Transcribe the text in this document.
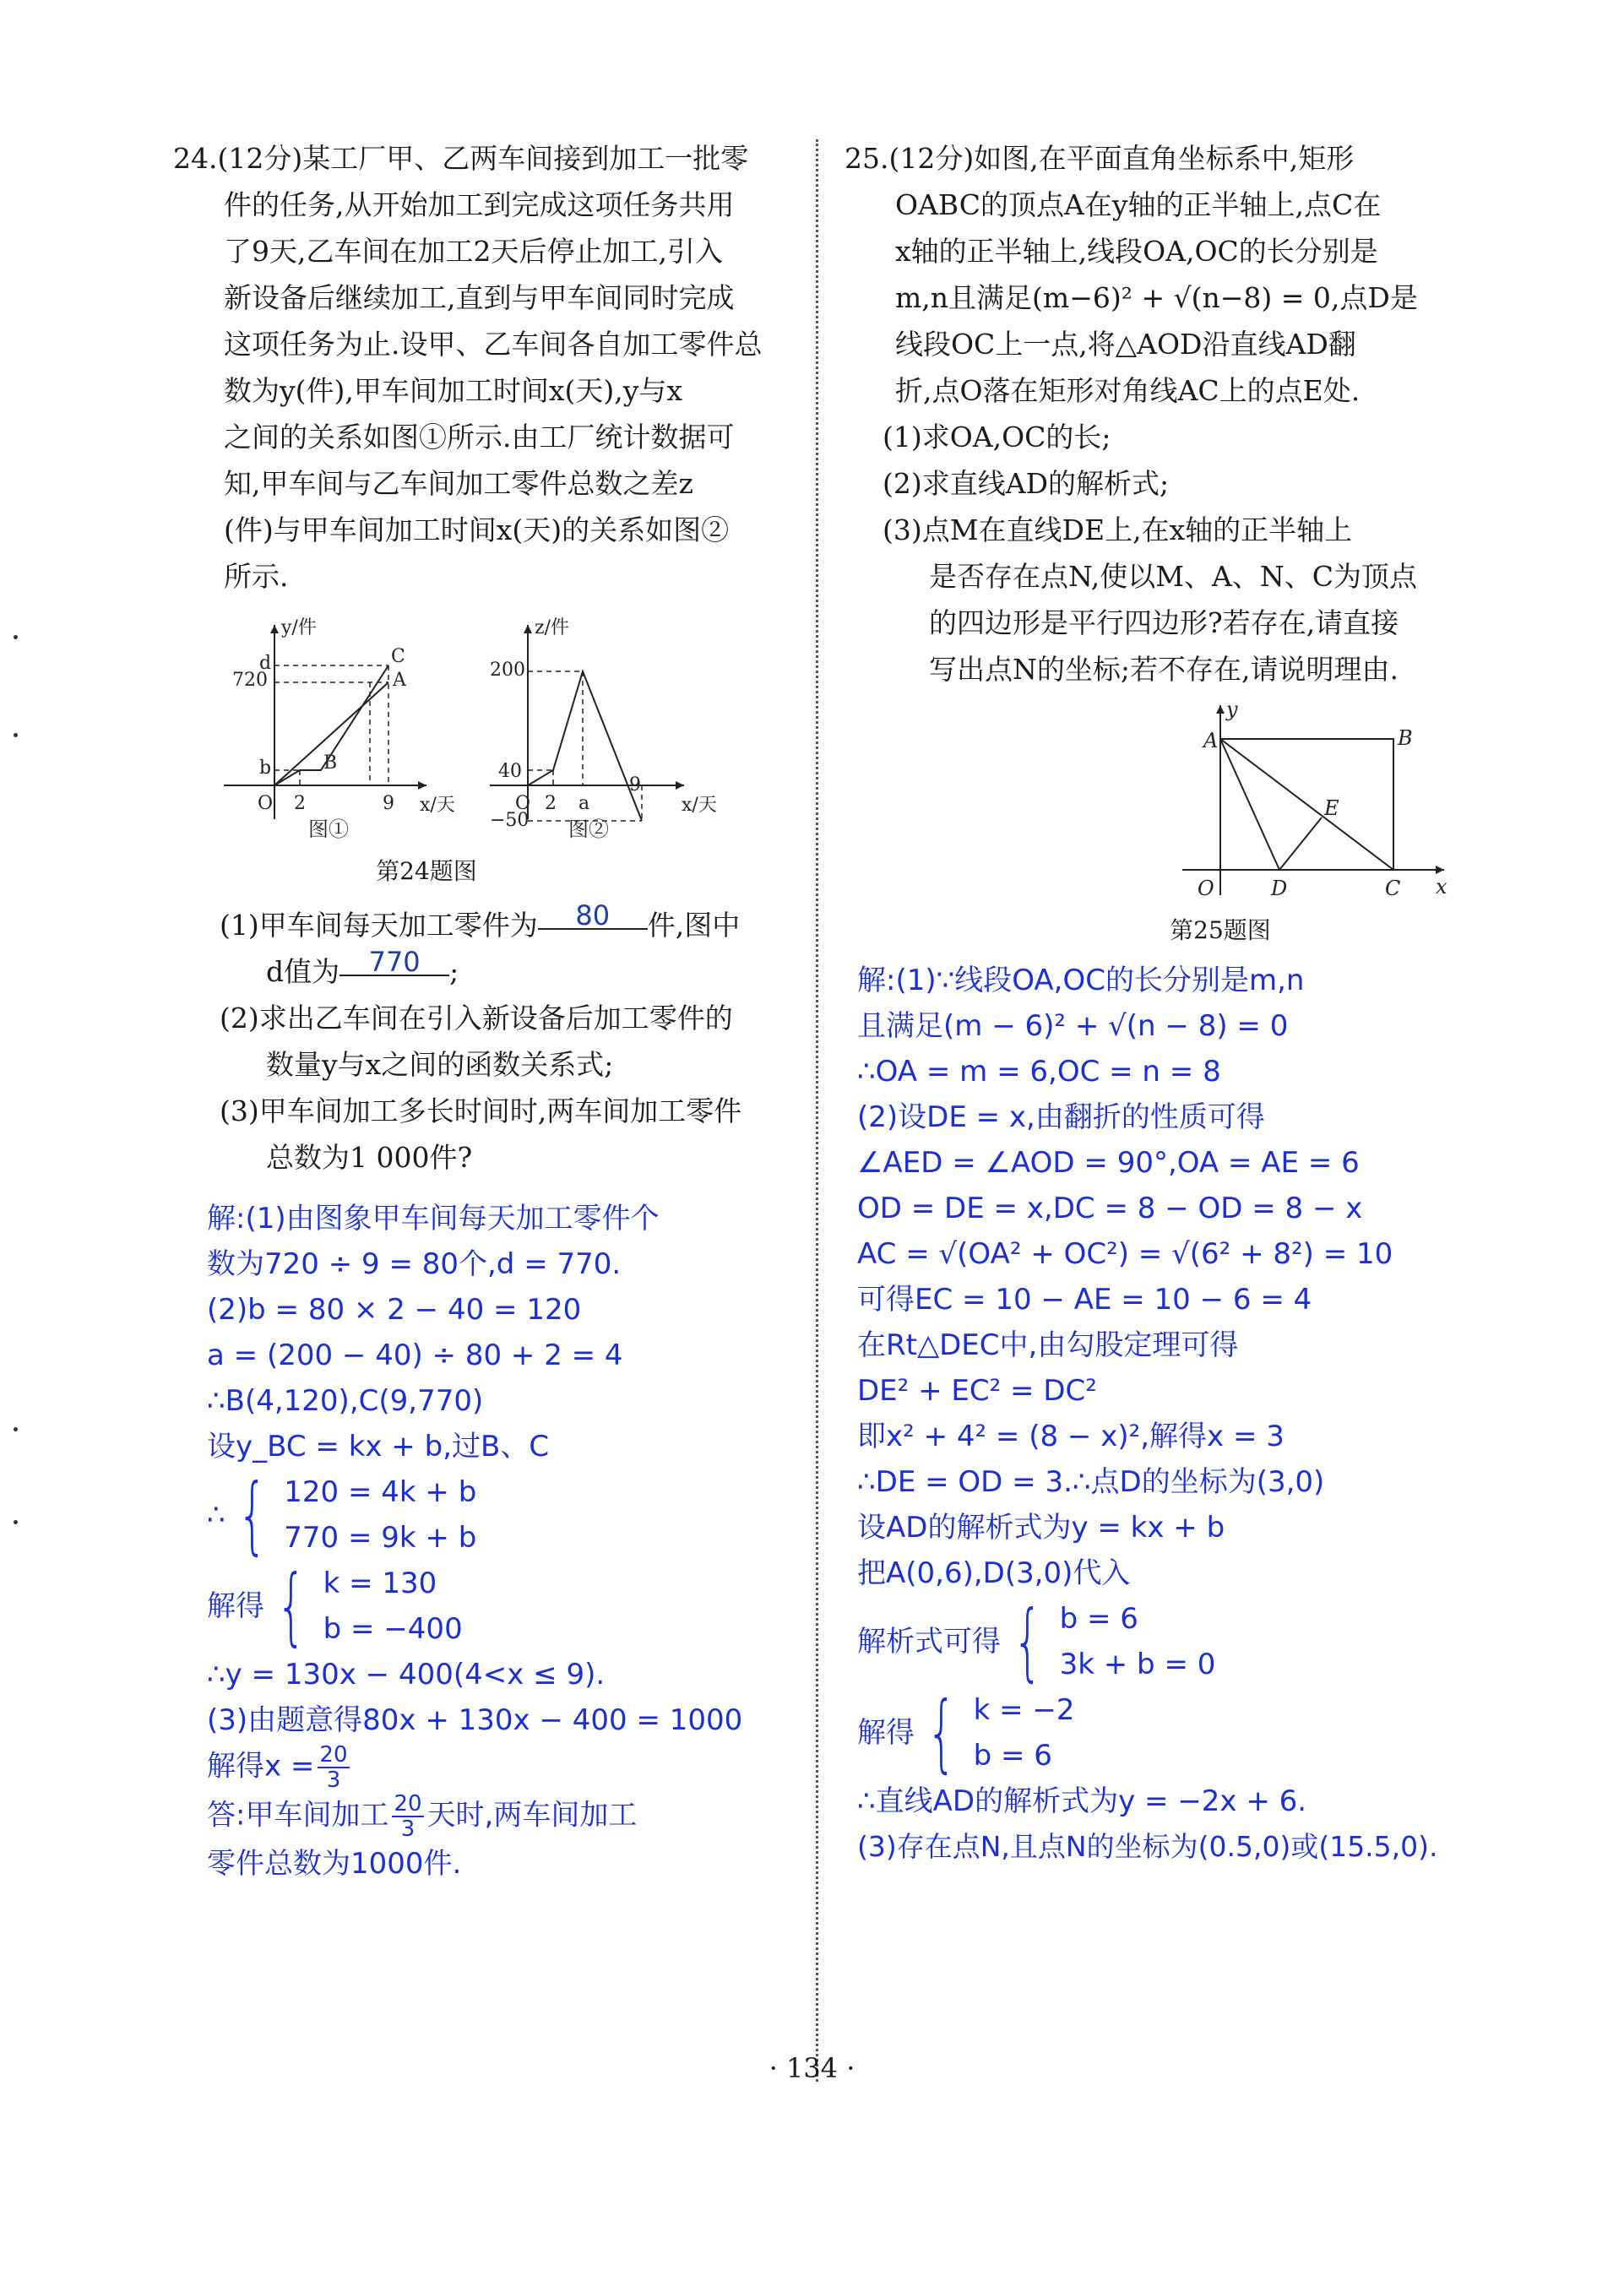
24.(12分)某工厂甲、乙两车间接到加工一批零

件的任务,从开始加工到完成这项任务共用

了9天,乙车间在加工2天后停止加工,引入

新设备后继续加工,直到与甲车间同时完成

这项任务为止.设甲、乙车间各自加工零件总

数为y(件),甲车间加工时间x(天),y与x

之间的关系如图①所示.由工厂统计数据可

知,甲车间与乙车间加工零件总数之差z

(件)与甲车间加工时间x(天)的关系如图②

所示.

y/件
x/天
O 2	9
d
720
b
C
A
B
图①
z/件
x/天
O 2 a
9
200
40
−50 图②
第24题图

(1)甲车间每天加工零件为 80 件,图中

d值为 770 ;

(2)求出乙车间在引入新设备后加工零件的

数量y与x之间的函数关系式;

(3)甲车间加工多长时间时,两车间加工零件

总数为1 000件?

解:(1)由图象甲车间每天加工零件个
数为720 ÷ 9 = 80个,d = 770.
(2)b = 80 × 2 − 40 = 120
a = (200 − 40) ÷ 80 + 2 = 4
∴B(4,120),C(9,770)
设y_BC = kx + b,过B、C
∴ { 120 = 4k + b
770 = 9k + b
解得 { k = 130
b = −400
∴y = 130x − 400(4<x ≤ 9).
(3)由题意得80x + 130x − 400 = 1000
解得$x = \frac{20}{3}$
答:甲车间加工 $\frac{20}{3}$ 天时,两车间加工
零件总数为1000件.

25.(12分)如图,在平面直角坐标系中,矩形

OABC的顶点A在y轴的正半轴上,点C在

x轴的正半轴上,线段OA,OC的长分别是

m,n且满足(m−6)² + √(n−8) = 0,点D是

线段OC上一点,将△AOD沿直线AD翻

折,点O落在矩形对角线AC上的点E处.

(1)求OA,OC的长;

(2)求直线AD的解析式;

(3)点M在直线DE上,在x轴的正半轴上

是否存在点N,使以M、A、N、C为顶点

的四边形是平行四边形?若存在,请直接

写出点N的坐标;若不存在,请说明理由.

A	B
C
D
E
O	x
y
第25题图
解:(1)∵线段OA,OC的长分别是m,n
且满足(m − 6)² + √(n − 8) = 0
∴OA = m = 6,OC = n = 8
(2)设DE = x,由翻折的性质可得
∠AED = ∠AOD = 90°,OA = AE = 6
OD = DE = x,DC = 8 − OD = 8 − x
AC = √(OA² + OC²) = √(6² + 8²) = 10
可得EC = 10 − AE = 10 − 6 = 4
在Rt△DEC中,由勾股定理可得
DE² + EC² = DC²
即x² + 4² = (8 − x)²,解得x = 3
∴DE = OD = 3.∴点D的坐标为(3,0)
设AD的解析式为y = kx + b
把A(0,6),D(3,0)代入
解析式可得 { b = 6
3k + b = 0
解得 { k = −2
b = 6
∴直线AD的解析式为y = −2x + 6.
(3)存在点N,且点N的坐标为(0.5,0)或(15.5,0).
· 134 ·
